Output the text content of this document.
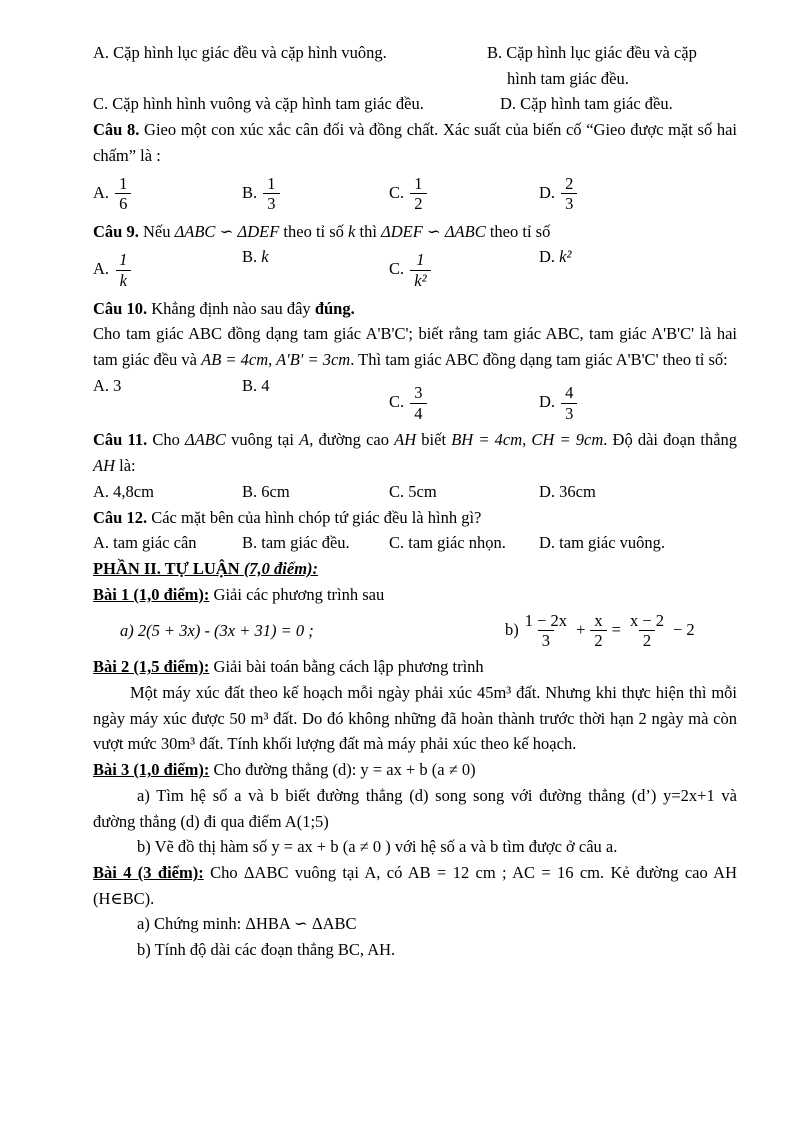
A. Cặp hình lục giác đều và cặp hình vuông.	B. Cặp hình lục giác đều và cặp
hình tam giác đều.
C. Cặp hình hình vuông và cặp hình tam giác đều.	D. Cặp hình tam giác đều.

Câu 8. Gieo một con xúc xắc cân đối và đồng chất. Xác suất của biến cố “Gieo được mặt số hai chấm” là :

A. $\frac{1}{6}$	B. $\frac{1}{3}$	C. $\frac{1}{2}$	D. $\frac{2}{3}$

Câu 9. Nếu ΔABC ∽ ΔDEF theo tỉ số k thì ΔDEF ∽ ΔABC theo tỉ số

A. $\frac{1}{k}$	B. k
C. $\frac{1}{\text{k²}}$	D. k²

Câu 10. Khẳng định nào sau đây đúng.

Cho tam giác ABC đồng dạng tam giác A'B'C'; biết rằng tam giác ABC, tam giác A'B'C' là hai tam giác đều và AB = 4cm, A'B' = 3cm. Thì tam giác ABC đồng dạng tam giác A'B'C' theo tỉ số:

A. 3	B. 4
C. $\frac{3}{4}$	D. $\frac{4}{3}$

Câu 11. Cho ΔABC vuông tại A, đường cao AH biết BH = 4cm, CH = 9cm. Độ dài đoạn thẳng AH là:

A. 4,8cm	B. 6cm	C. 5cm	D. 36cm

Câu 12. Các mặt bên của hình chóp tứ giác đều là hình gì?

A. tam giác cân	B. tam giác đều.	C. tam giác nhọn.	D. tam giác vuông.

PHẦN II. TỰ LUẬN (7,0 điểm):

Bài 1 (1,0 điểm): Giải các phương trình sau

a) 2(5 + 3x) - (3x + 31) = 0 ;	$b) \frac{1 - 2x}{3} + \frac{x}{2} = \frac{x - 2}{2} - 2$

Bài 2 (1,5 điểm): Giải bài toán bằng cách lập phương trình

Một máy xúc đất theo kế hoạch mỗi ngày phải xúc 45m³ đất. Nhưng khi thực hiện thì mỗi ngày máy xúc được 50 m³ đất. Do đó không những đã hoàn thành trước thời hạn 2 ngày mà còn vượt mức 30m³ đất. Tính khối lượng đất mà máy phải xúc theo kế hoạch.

Bài 3 (1,0 điểm): Cho đường thẳng (d): y = ax + b (a ≠ 0)

a) Tìm hệ số a và b biết đường thẳng (d) song song với đường thẳng (d’) y=2x+1 và đường thẳng (d) đi qua điểm A(1;5)

b) Vẽ đồ thị hàm số y = ax + b (a ≠ 0 ) với hệ số a và b tìm được ở câu a.

Bài 4 (3 điểm): Cho ΔABC vuông tại A, có AB = 12 cm ; AC = 16 cm. Kẻ đường cao AH (H∈BC).

a) Chứng minh: ΔHBA ∽ ΔABC

b) Tính độ dài các đoạn thẳng BC, AH.
